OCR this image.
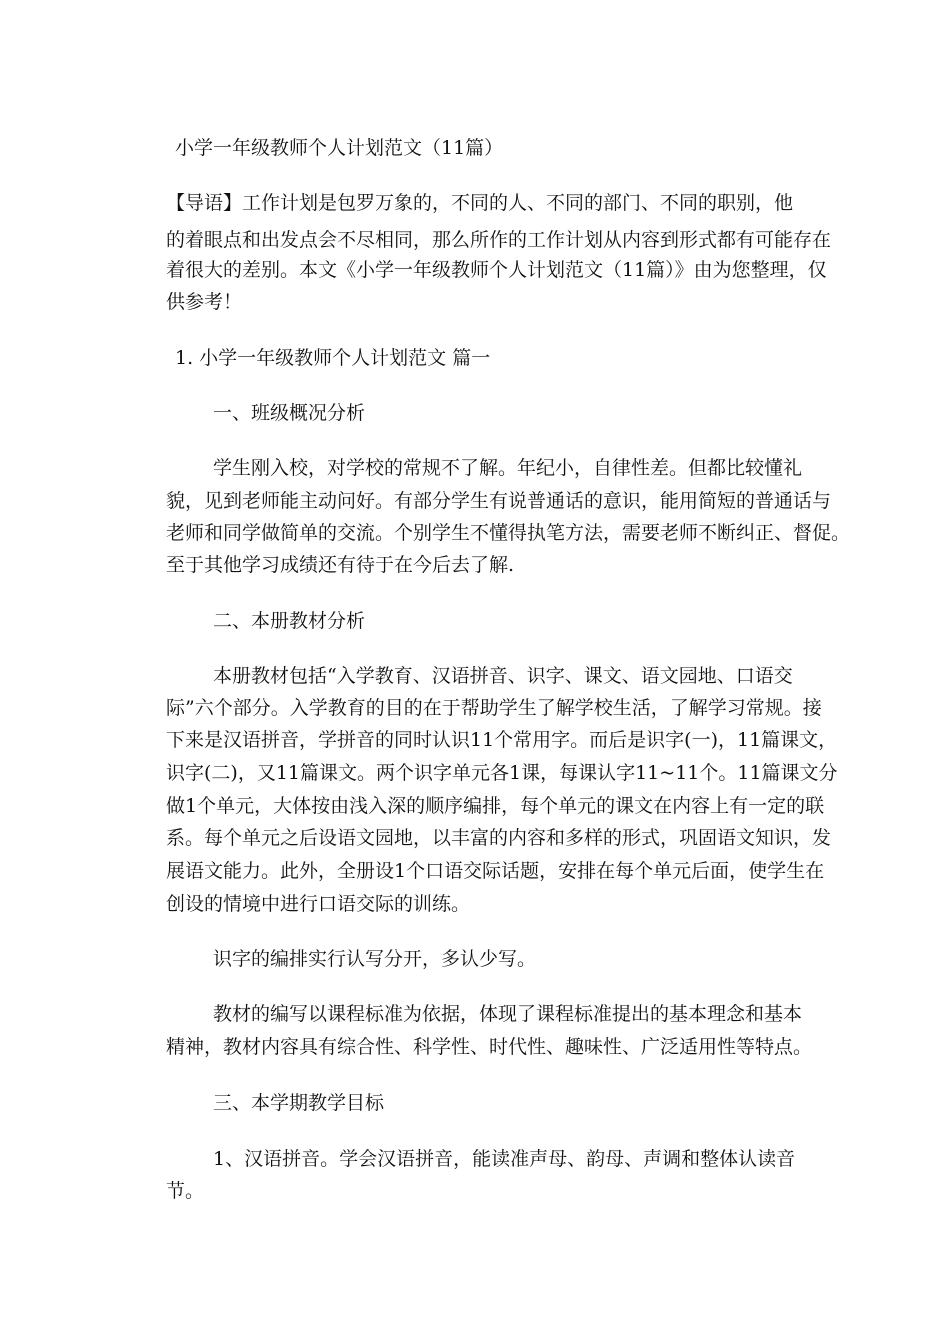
小学一年级教师个人计划范文（11篇）
【导语】工作计划是包罗万象的，不同的人、不同的部门、不同的职别，他
的着眼点和出发点会不尽相同，那么所作的工作计划从内容到形式都有可能存在
着很大的差别。本文《小学一年级教师个人计划范文（11篇）》由为您整理，仅
供参考！
1. 小学一年级教师个人计划范文 篇一
一、班级概况分析
学生刚入校，对学校的常规不了解。年纪小，自律性差。但都比较懂礼
貌，见到老师能主动问好。有部分学生有说普通话的意识，能用简短的普通话与
老师和同学做简单的交流。个别学生不懂得执笔方法，需要老师不断纠正、督促。
至于其他学习成绩还有待于在今后去了解.
二、本册教材分析
本册教材包括“入学教育、汉语拼音、识字、课文、语文园地、口语交
际”六个部分。入学教育的目的在于帮助学生了解学校生活，了解学习常规。接
下来是汉语拼音，学拼音的同时认识11个常用字。而后是识字(一)，11篇课文，
识字(二)，又11篇课文。两个识字单元各1课，每课认字11~11个。11篇课文分
做1个单元，大体按由浅入深的顺序编排，每个单元的课文在内容上有一定的联
系。每个单元之后设语文园地，以丰富的内容和多样的形式，巩固语文知识，发
展语文能力。此外，全册设1个口语交际话题，安排在每个单元后面，使学生在
创设的情境中进行口语交际的训练。
识字的编排实行认写分开，多认少写。
教材的编写以课程标准为依据，体现了课程标准提出的基本理念和基本
精神，教材内容具有综合性、科学性、时代性、趣味性、广泛适用性等特点。
三、本学期教学目标
1、汉语拼音。学会汉语拼音，能读准声母、韵母、声调和整体认读音
节。
